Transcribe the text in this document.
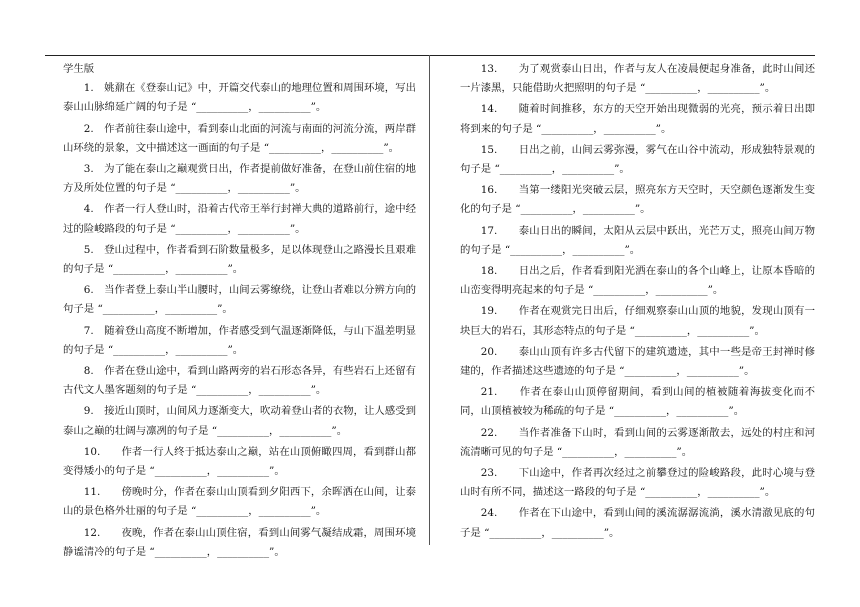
学生版

1.　姚鼐在《登泰山记》中，开篇交代泰山的地理位置和周围环境，写出泰山山脉绵延广阔的句子是 “__________，__________”。

2.　作者前往泰山途中，看到泰山北面的河流与南面的河流分流，两岸群山环绕的景象，文中描述这一画面的句子是 “__________，__________”。

3.　为了能在泰山之巅观赏日出，作者提前做好准备，在登山前住宿的地方及所处位置的句子是 “__________，__________”。

4.　作者一行人登山时，沿着古代帝王举行封禅大典的道路前行，途中经过的险峻路段的句子是 “__________，__________”。

5.　登山过程中，作者看到石阶数量极多，足以体现登山之路漫长且艰难的句子是 “__________，__________”。

6.　当作者登上泰山半山腰时，山间云雾缭绕，让登山者难以分辨方向的句子是 “__________，__________”。

7.　随着登山高度不断增加，作者感受到气温逐渐降低，与山下温差明显的句子是 “__________，__________”。

8.　作者在登山途中，看到山路两旁的岩石形态各异，有些岩石上还留有古代文人墨客题刻的句子是 “__________，__________”。

9.　接近山顶时，山间风力逐渐变大，吹动着登山者的衣物，让人感受到泰山之巅的壮阔与凛冽的句子是 “__________，__________”。

10.　　作者一行人终于抵达泰山之巅，站在山顶俯瞰四周，看到群山都变得矮小的句子是 “__________，__________”。

11.　　傍晚时分，作者在泰山山顶看到夕阳西下，余晖洒在山间，让泰山的景色格外壮丽的句子是 “__________，__________”。

12.　　夜晚，作者在泰山山顶住宿，看到山间雾气凝结成霜，周围环境静谧清冷的句子是 “__________，__________”。

13.　　为了观赏泰山日出，作者与友人在凌晨便起身准备，此时山间还一片漆黑，只能借助火把照明的句子是 “__________，__________”。

14.　　随着时间推移，东方的天空开始出现微弱的光亮，预示着日出即将到来的句子是 “__________，__________”。

15.　　日出之前，山间云雾弥漫，雾气在山谷中流动，形成独特景观的句子是 “__________，__________”。

16.　　当第一缕阳光突破云层，照亮东方天空时，天空颜色逐渐发生变化的句子是 “__________，__________”。

17.　　泰山日出的瞬间，太阳从云层中跃出，光芒万丈，照亮山间万物的句子是 “__________，__________”。

18.　　日出之后，作者看到阳光洒在泰山的各个山峰上，让原本昏暗的山峦变得明亮起来的句子是 “__________，__________”。

19.　　作者在观赏完日出后，仔细观察泰山山顶的地貌，发现山顶有一块巨大的岩石，其形态特点的句子是 “__________，__________”。

20.　　泰山山顶有许多古代留下的建筑遗迹，其中一些是帝王封禅时修建的，作者描述这些遗迹的句子是 “__________，__________”。

21.　　作者在泰山山顶停留期间，看到山间的植被随着海拔变化而不同，山顶植被较为稀疏的句子是 “__________，__________”。

22.　　当作者准备下山时，看到山间的云雾逐渐散去，远处的村庄和河流清晰可见的句子是 “__________，__________”。

23.　　下山途中，作者再次经过之前攀登过的险峻路段，此时心境与登山时有所不同，描述这一路段的句子是 “__________，__________”。

24.　　作者在下山途中，看到山间的溪流潺潺流淌，溪水清澈见底的句子是 “__________，__________”。
